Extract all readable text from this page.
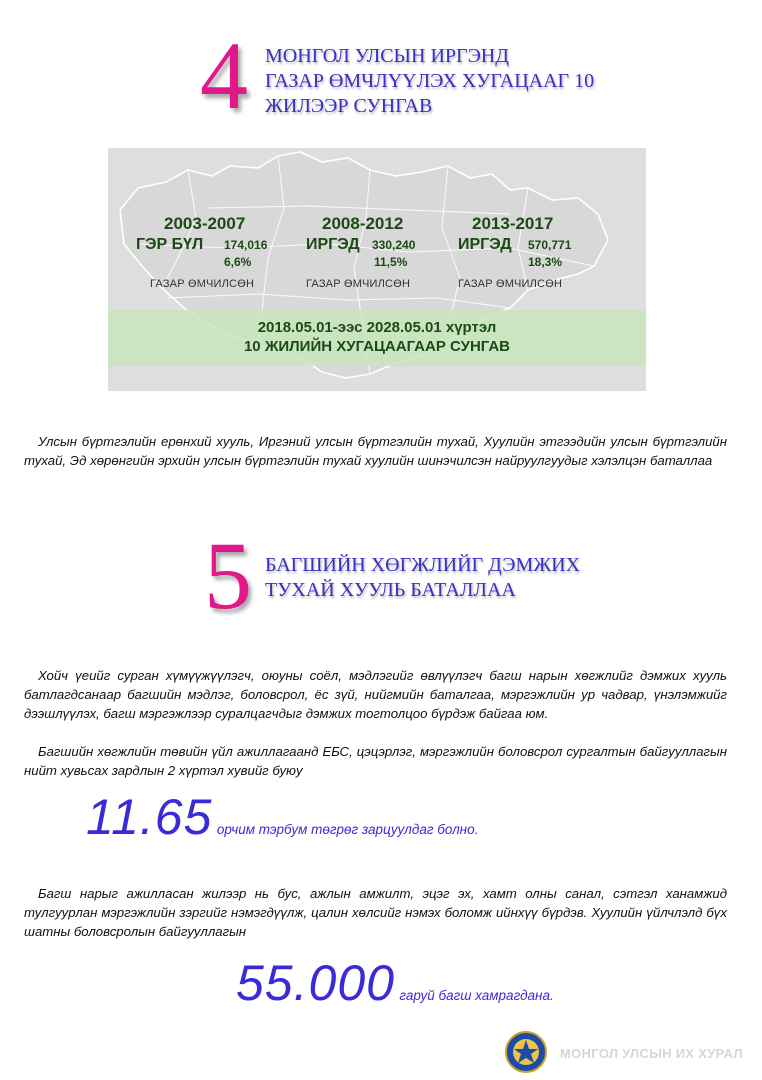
4 МОНГОЛ УЛСЫН ИРГЭНД
ГАЗАР ӨМЧЛҮҮЛЭХ ХУГАЦААГ 10
ЖИЛЭЭР СУНГАВ
2003-2007
ГЭР БҮЛ 174,016
6,6%
ГАЗАР ӨМЧИЛСӨН
2008-2012
ИРГЭД 330,240
11,5%
ГАЗАР ӨМЧИЛСӨН
2013-2017
ИРГЭД 570,771
18,3%
ГАЗАР ӨМЧИЛСӨН
2018.05.01-ээс 2028.05.01 хүртэл
10 ЖИЛИЙН ХУГАЦААГААР СУНГАВ

Улсын бүртгэлийн ерөнхий хууль, Иргэний улсын бүртгэлийн тухай, Хуулийн этгээдийн улсын бүртгэлийн тухай, Эд хөрөнгийн эрхийн улсын бүртгэлийн тухай хуулийн шинэчилсэн найруулгуудыг хэлэлцэн баталлаа

5 БАГШИЙН ХӨГЖЛИЙГ ДЭМЖИХ
ТУХАЙ ХУУЛЬ БАТАЛЛАА

Хойч үеийг сурган хүмүүжүүлэгч, оюуны соёл, мэдлэгийг өвлүүлэгч багш нарын хөгжлийг дэмжих хууль батлагдсанаар багшийн мэдлэг, боловсрол, ёс зүй, нийгмийн баталгаа, мэргэжлийн ур чадвар, үнэлэмжийг дээшлүүлэх, багш мэргэжлээр суралцагчдыг дэмжих тогтолцоо бүрдэж байгаа юм.

Багшийн хөгжлийн төвийн үйл ажиллагаанд ЕБС, цэцэрлэг, мэргэжлийн боловсрол сургалтын байгууллагын нийт хувьсах зардлын 2 хүртэл хувийг буюу

11.65 орчим тэрбум төгрөг зарцуулдаг болно.

Багш нарыг ажилласан жилээр нь бус, ажлын амжилт, эцэг эх, хамт олны санал, сэтгэл ханамжид тулгуурлан мэргэжлийн зэргийг нэмэгдүүлж, цалин хөлсийг нэмэх боломж ийнхүү бүрдэв. Хуулийн үйлчлэлд бүх шатны боловсролын байгууллагын

55.000 гаруй багш хамрагдана.
МОНГОЛ УЛСЫН ИХ ХУРАЛ
